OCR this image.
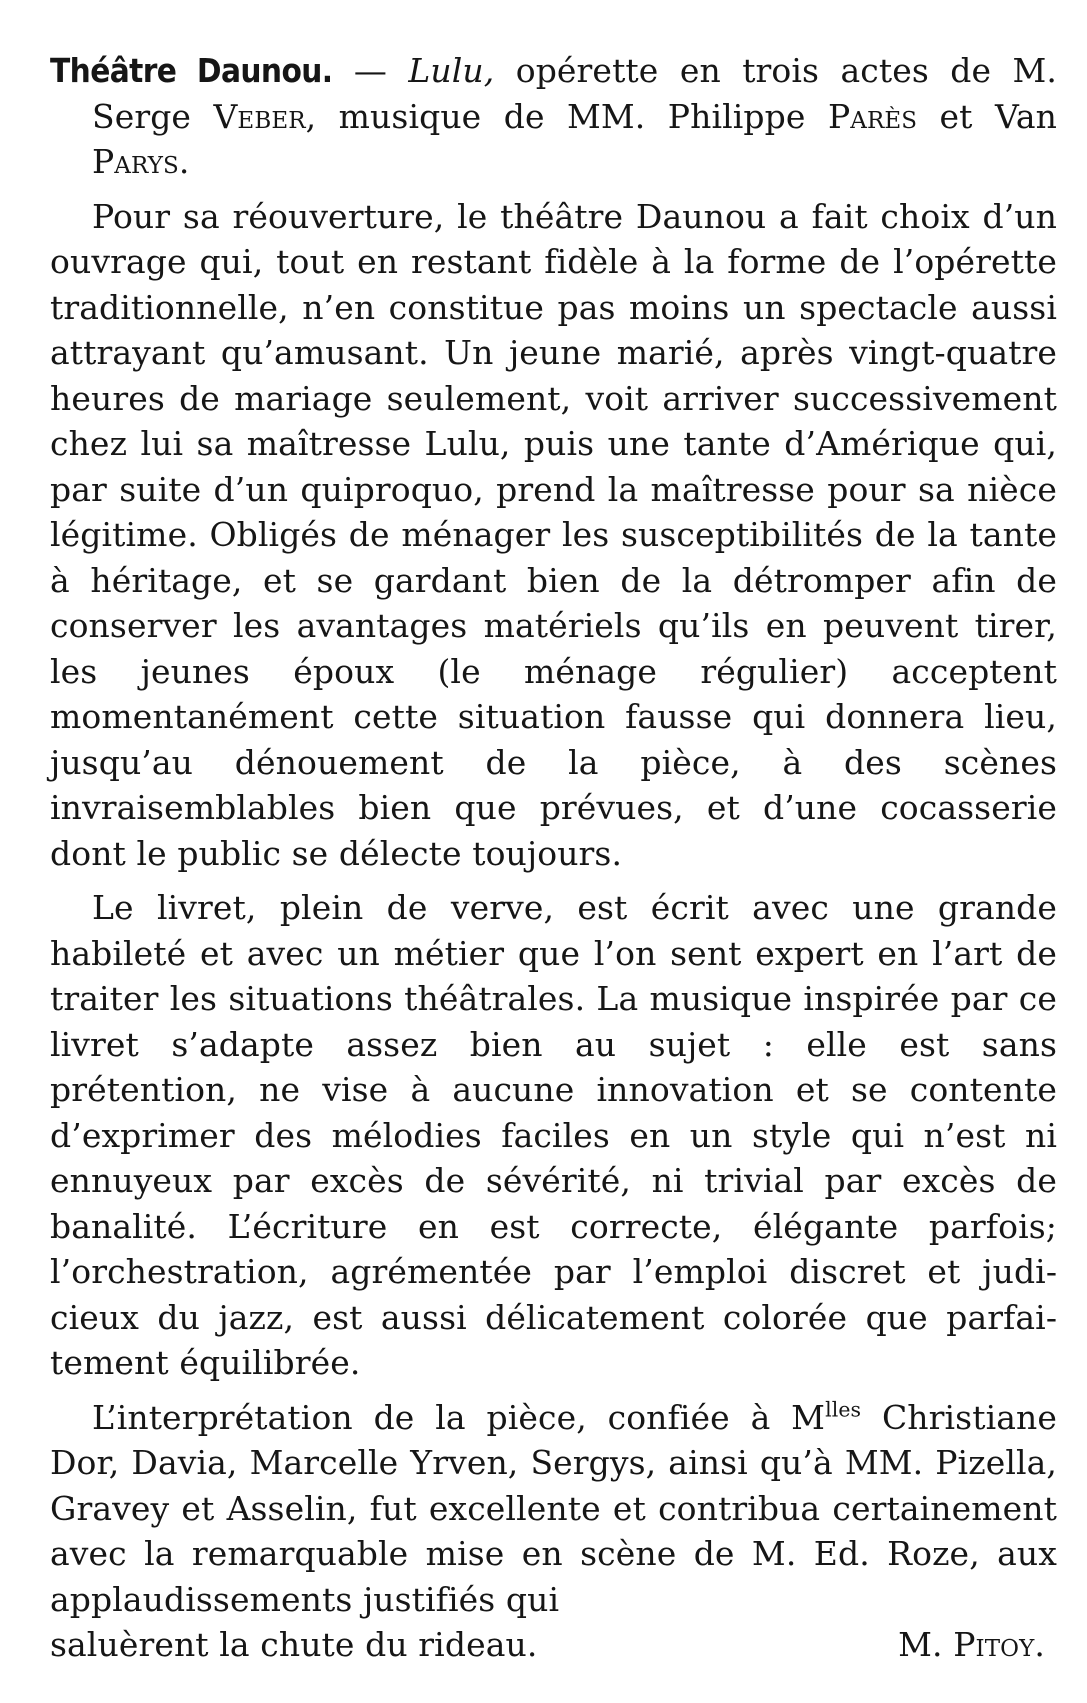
Théâtre Daunou. — Lulu, opérette en trois actes de M. Serge Veber, musique de MM. Philippe Parès et Van Parys.

Pour sa réouverture, le théâtre Daunou a fait choix d’un ouvrage qui, tout en restant fidèle à la forme de l’opérette traditionnelle, n’en constitue pas moins un spectacle aussi attrayant qu’amusant. Un jeune marié, après vingt-quatre heures de mariage seulement, voit arriver successivement chez lui sa maîtresse Lulu, puis une tante d’Amérique qui, par suite d’un quiproquo, prend la maîtresse pour sa nièce légitime. Obligés de ménager les susceptibilités de la tante à héritage, et se gardant bien de la détromper afin de conserver les avantages matériels qu’ils en peuvent tirer, les jeunes époux (le ménage régulier) acceptent momentanément cette situation fausse qui donnera lieu, jusqu’au dénouement de la pièce, à des scènes invraisemblables bien que prévues, et d’une cocasserie dont le public se délecte toujours.

Le livret, plein de verve, est écrit avec une grande habileté et avec un métier que l’on sent expert en l’art de traiter les situations théâtrales. La musique inspirée par ce livret s’adapte assez bien au sujet : elle est sans prétention, ne vise à aucune innovation et se contente d’exprimer des mélodies faciles en un style qui n’est ni ennuyeux par excès de sévérité, ni trivial par excès de banalité. L’écriture en est correcte, élégante parfois; l’orchestration, agrémentée par l’emploi discret et judicieux du jazz, est aussi délicatement colorée que parfaitement équilibrée.

L’interprétation de la pièce, confiée à $M^{lles}$ Christiane Dor, Davia, Marcelle Yrven, Sergys, ainsi qu’à MM. Pizella, Gravey et Asselin, fut excellente et contribua certainement avec la remarquable mise en scène de M. Ed. Roze, aux applaudissements justifiés qui

saluèrent la chute du rideau.	M. Pitoy.
